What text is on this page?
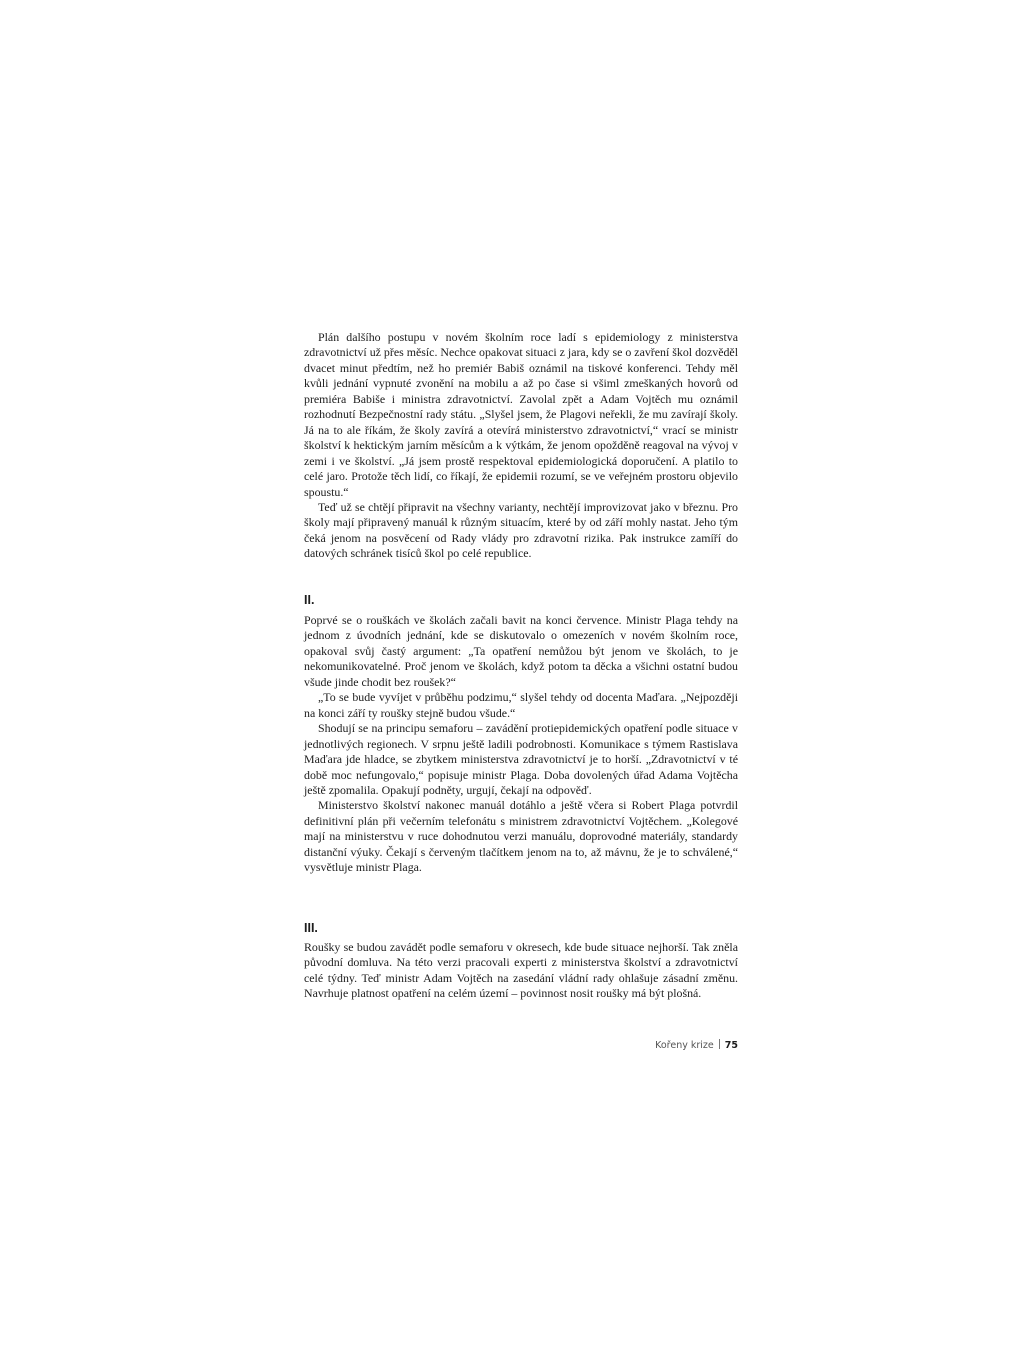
Plán dalšího postupu v novém školním roce ladí s epidemiology z ministerstva zdravotnictví už přes měsíc. Nechce opakovat situaci z jara, kdy se o zavření škol dozvěděl dvacet minut předtím, než ho premiér Babiš oznámil na tiskové konferenci. Tehdy měl kvůli jednání vypnuté zvonění na mobilu a až po čase si všiml zmeškaných hovorů od premiéra Babiše i ministra zdravotnictví. Zavolal zpět a Adam Vojtěch mu oznámil rozhodnutí Bezpečnostní rady státu. „Slyšel jsem, že Plagovi neřekli, že mu zavírají školy. Já na to ale říkám, že školy zavírá a otevírá ministerstvo zdravotnictví,“ vrací se ministr školství k hektickým jarním měsícům a k výtkám, že jenom opožděně reagoval na vývoj v zemi i ve školství. „Já jsem prostě respektoval epidemiologická doporučení. A platilo to celé jaro. Protože těch lidí, co říkají, že epidemii rozumí, se ve veřejném prostoru objevilo spoustu.“

Teď už se chtějí připravit na všechny varianty, nechtějí improvizovat jako v březnu. Pro školy mají připravený manuál k různým situacím, které by od září mohly nastat. Jeho tým čeká jenom na posvěcení od Rady vlády pro zdravotní rizika. Pak instrukce zamíří do datových schránek tisíců škol po celé republice.

II.

Poprvé se o rouškách ve školách začali bavit na konci července. Ministr Plaga tehdy na jednom z úvodních jednání, kde se diskutovalo o omezeních v novém školním roce, opakoval svůj častý argument: „Ta opatření nemůžou být jenom ve školách, to je nekomunikovatelné. Proč jenom ve školách, když potom ta děcka a všichni ostatní budou všude jinde chodit bez roušek?“

„To se bude vyvíjet v průběhu podzimu,“ slyšel tehdy od docenta Maďara. „Nejpozději na konci září ty roušky stejně budou všude.“

Shodují se na principu semaforu – zavádění protiepidemických opatření podle situace v jednotlivých regionech. V srpnu ještě ladili podrobnosti. Komunikace s týmem Rastislava Maďara jde hladce, se zbytkem ministerstva zdravotnictví je to horší. „Zdravotnictví v té době moc nefungovalo,“ popisuje ministr Plaga. Doba dovolených úřad Adama Vojtěcha ještě zpomalila. Opakují podněty, urgují, čekají na odpověď.

Ministerstvo školství nakonec manuál dotáhlo a ještě včera si Robert Plaga potvrdil definitivní plán při večerním telefonátu s ministrem zdravotnictví Vojtěchem. „Kolegové mají na ministerstvu v ruce dohodnutou verzi manuálu, doprovodné materiály, standardy distanční výuky. Čekají s červeným tlačítkem jenom na to, až mávnu, že je to schválené,“ vysvětluje ministr Plaga.

III.

Roušky se budou zavádět podle semaforu v okresech, kde bude situace nejhorší. Tak zněla původní domluva. Na této verzi pracovali experti z ministerstva školství a zdravotnictví celé týdny. Teď ministr Adam Vojtěch na zasedání vládní rady ohlašuje zásadní změnu. Navrhuje platnost opatření na celém území – povinnost nosit roušky má být plošná.

Kořeny krize 75
